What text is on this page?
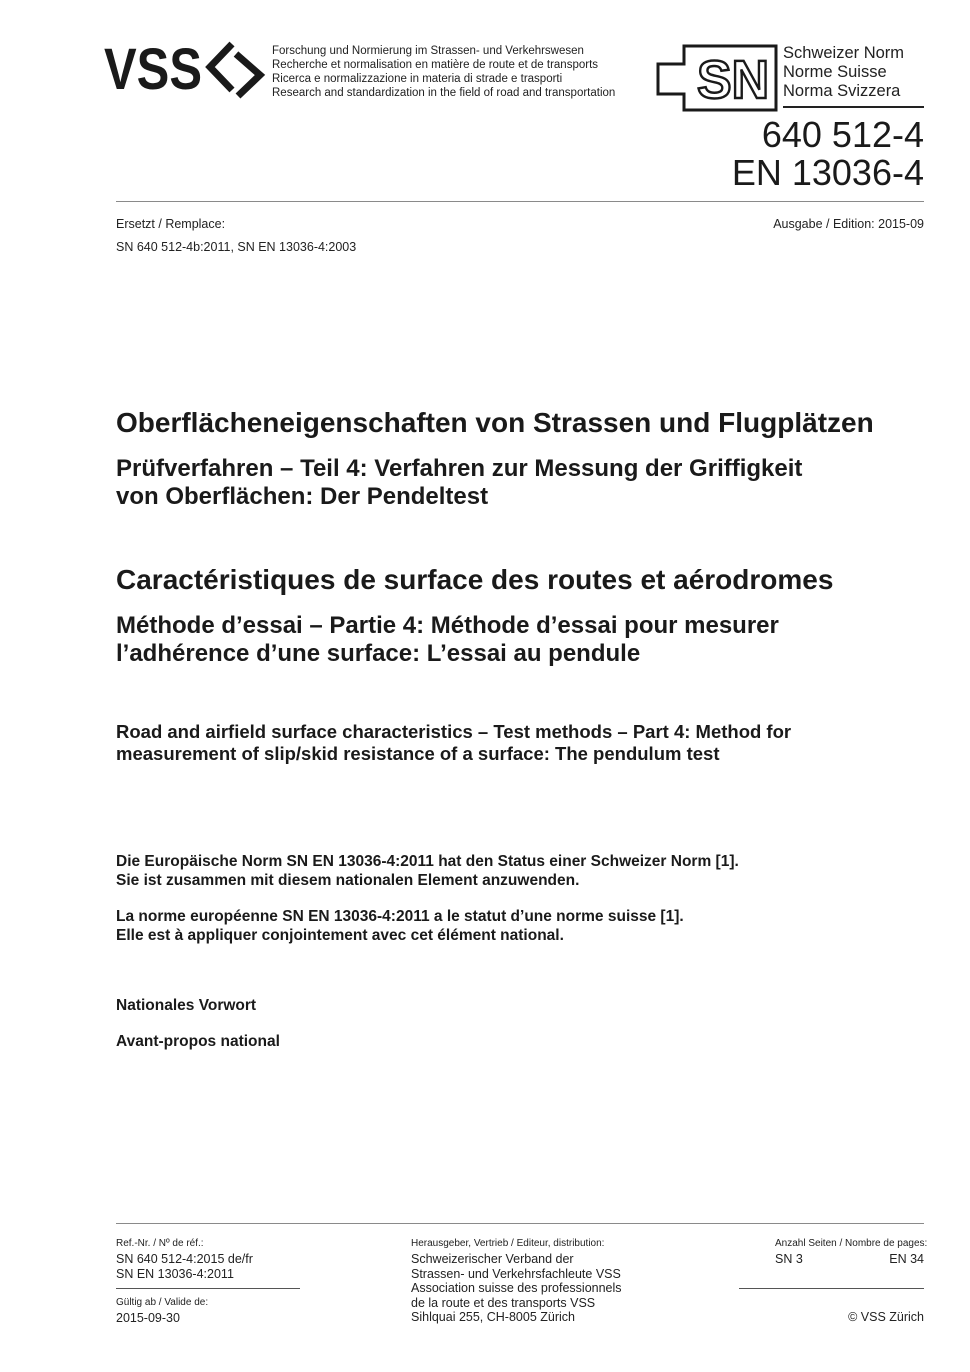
VSS	Forschung und Normierung im Strassen- und Verkehrswesen
Recherche et normalisation en matière de route et de transports
Ricerca e normalizzazione in materia di strade e trasporti
Research and standardization in the field of road and transportation SN Schweizer Norm
Norme Suisse
Norma Svizzera
640 512-4
EN 13036-4
Ersetzt / Remplace:	Ausgabe / Edition: 2015-09
SN 640 512-4b:2011, SN EN 13036-4:2003
Oberflächeneigenschaften von Strassen und Flugplätzen
Prüfverfahren – Teil 4: Verfahren zur Messung der Griffigkeit
von Oberflächen: Der Pendeltest
Caractéristiques de surface des routes et aérodromes
Méthode d’essai – Partie 4: Méthode d’essai pour mesurer
l’adhérence d’une surface: L’essai au pendule
Road and airfield surface characteristics – Test methods – Part 4: Method for
measurement of slip/skid resistance of a surface: The pendulum test
Die Europäische Norm SN EN 13036-4:2011 hat den Status einer Schweizer Norm [1].
Sie ist zusammen mit diesem nationalen Element anzuwenden.
La norme européenne SN EN 13036-4:2011 a le statut d’une norme suisse [1].
Elle est à appliquer conjointement avec cet élément national.
Nationales Vorwort
Avant-propos national
Ref.-Nr. / Nº de réf.:
SN 640 512-4:2015 de/fr
SN EN 13036-4:2011
Gültig ab / Valide de:
2015-09-30
Herausgeber, Vertrieb / Editeur, distribution:
Schweizerischer Verband der
Strassen- und Verkehrsfachleute VSS
Association suisse des professionnels
de la route et des transports VSS
Sihlquai 255, CH-8005 Zürich
Anzahl Seiten / Nombre de pages:
SN 3	EN 34
© VSS Zürich
